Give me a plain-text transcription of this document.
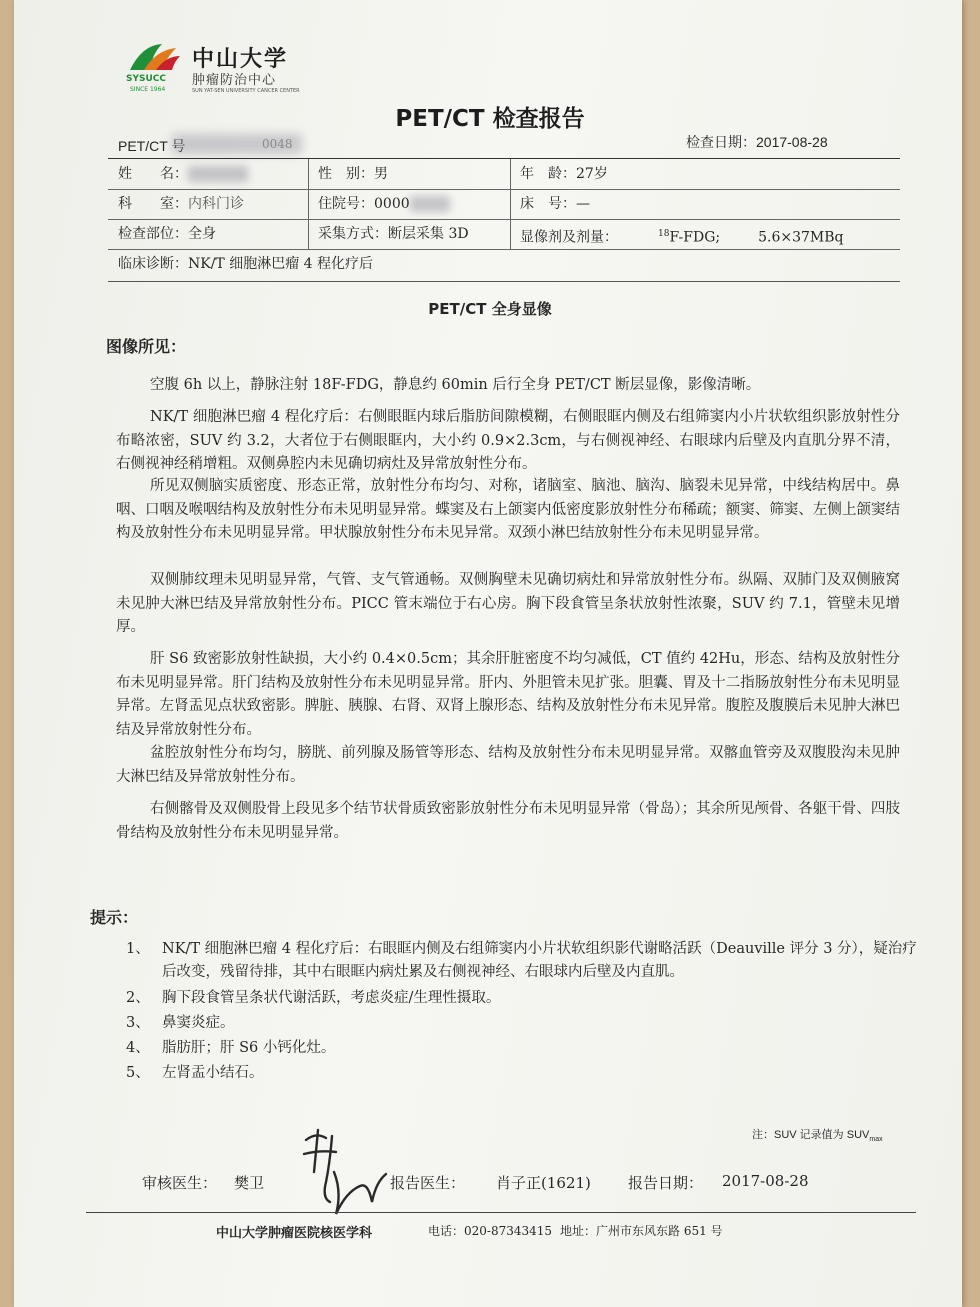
SYSUCC
SINCE 1964
中山大学
肿瘤防治中心
SUN YAT-SEN UNIVERSITY CANCER CENTER
PET/CT 检查报告
PET/CT 号	0048	检查日期：2017-08-28
姓　　名：	性　别：男	年　龄：27岁
科　　室：内科门诊	住院号：0000	床　号：—
检查部位：全身	采集方式：断层采集 3D	显像剂及剂量：	$^{18}$F-FDG;	5.6×37MBq
临床诊断：NK/T 细胞淋巴瘤 4 程化疗后
PET/CT 全身显像
图像所见：

空腹 6h 以上，静脉注射 18F-FDG，静息约 60min 后行全身 PET/CT 断层显像，影像清晰。

NK/T 细胞淋巴瘤 4 程化疗后：右侧眼眶内球后脂肪间隙模糊，右侧眼眶内侧及右组筛窦内小片状软组织影放射性分布略浓密，SUV 约 3.2，大者位于右侧眼眶内，大小约 0.9×2.3cm，与右侧视神经、右眼球内后壁及内直肌分界不清，右侧视神经稍增粗。双侧鼻腔内未见确切病灶及异常放射性分布。

所见双侧脑实质密度、形态正常，放射性分布均匀、对称，诸脑室、脑池、脑沟、脑裂未见异常，中线结构居中。鼻咽、口咽及喉咽结构及放射性分布未见明显异常。蝶窦及右上颌窦内低密度影放射性分布稀疏；额窦、筛窦、左侧上颌窦结构及放射性分布未见明显异常。甲状腺放射性分布未见异常。双颈小淋巴结放射性分布未见明显异常。

双侧肺纹理未见明显异常，气管、支气管通畅。双侧胸壁未见确切病灶和异常放射性分布。纵隔、双肺门及双侧腋窝未见肿大淋巴结及异常放射性分布。PICC 管末端位于右心房。胸下段食管呈条状放射性浓聚，SUV 约 7.1，管壁未见增厚。

肝 S6 致密影放射性缺损，大小约 0.4×0.5cm；其余肝脏密度不均匀减低，CT 值约 42Hu，形态、结构及放射性分布未见明显异常。肝门结构及放射性分布未见明显异常。肝内、外胆管未见扩张。胆囊、胃及十二指肠放射性分布未见明显异常。左肾盂见点状致密影。脾脏、胰腺、右肾、双肾上腺形态、结构及放射性分布未见异常。腹腔及腹膜后未见肿大淋巴结及异常放射性分布。

盆腔放射性分布均匀，膀胱、前列腺及肠管等形态、结构及放射性分布未见明显异常。双髂血管旁及双腹股沟未见肿大淋巴结及异常放射性分布。

右侧髂骨及双侧股骨上段见多个结节状骨质致密影放射性分布未见明显异常（骨岛）；其余所见颅骨、各躯干骨、四肢骨结构及放射性分布未见明显异常。

提示：
1、 NK/T 细胞淋巴瘤 4 程化疗后：右眼眶内侧及右组筛窦内小片状软组织影代谢略活跃（Deauville 评分 3 分），疑治疗后改变，残留待排，其中右眼眶内病灶累及右侧视神经、右眼球内后壁及内直肌。
2、 胸下段食管呈条状代谢活跃，考虑炎症/生理性摄取。
3、 鼻窦炎症。
4、 脂肪肝；肝 S6 小钙化灶。
5、 左肾盂小结石。
注：SUV 记录值为 $SUV_{max}$
审核医生： 樊卫	报告医生： 肖子正(1621) 报告日期： 2017-08-28
中山大学肿瘤医院核医学科	电话：020-87343415 地址：广州市东风东路 651 号
